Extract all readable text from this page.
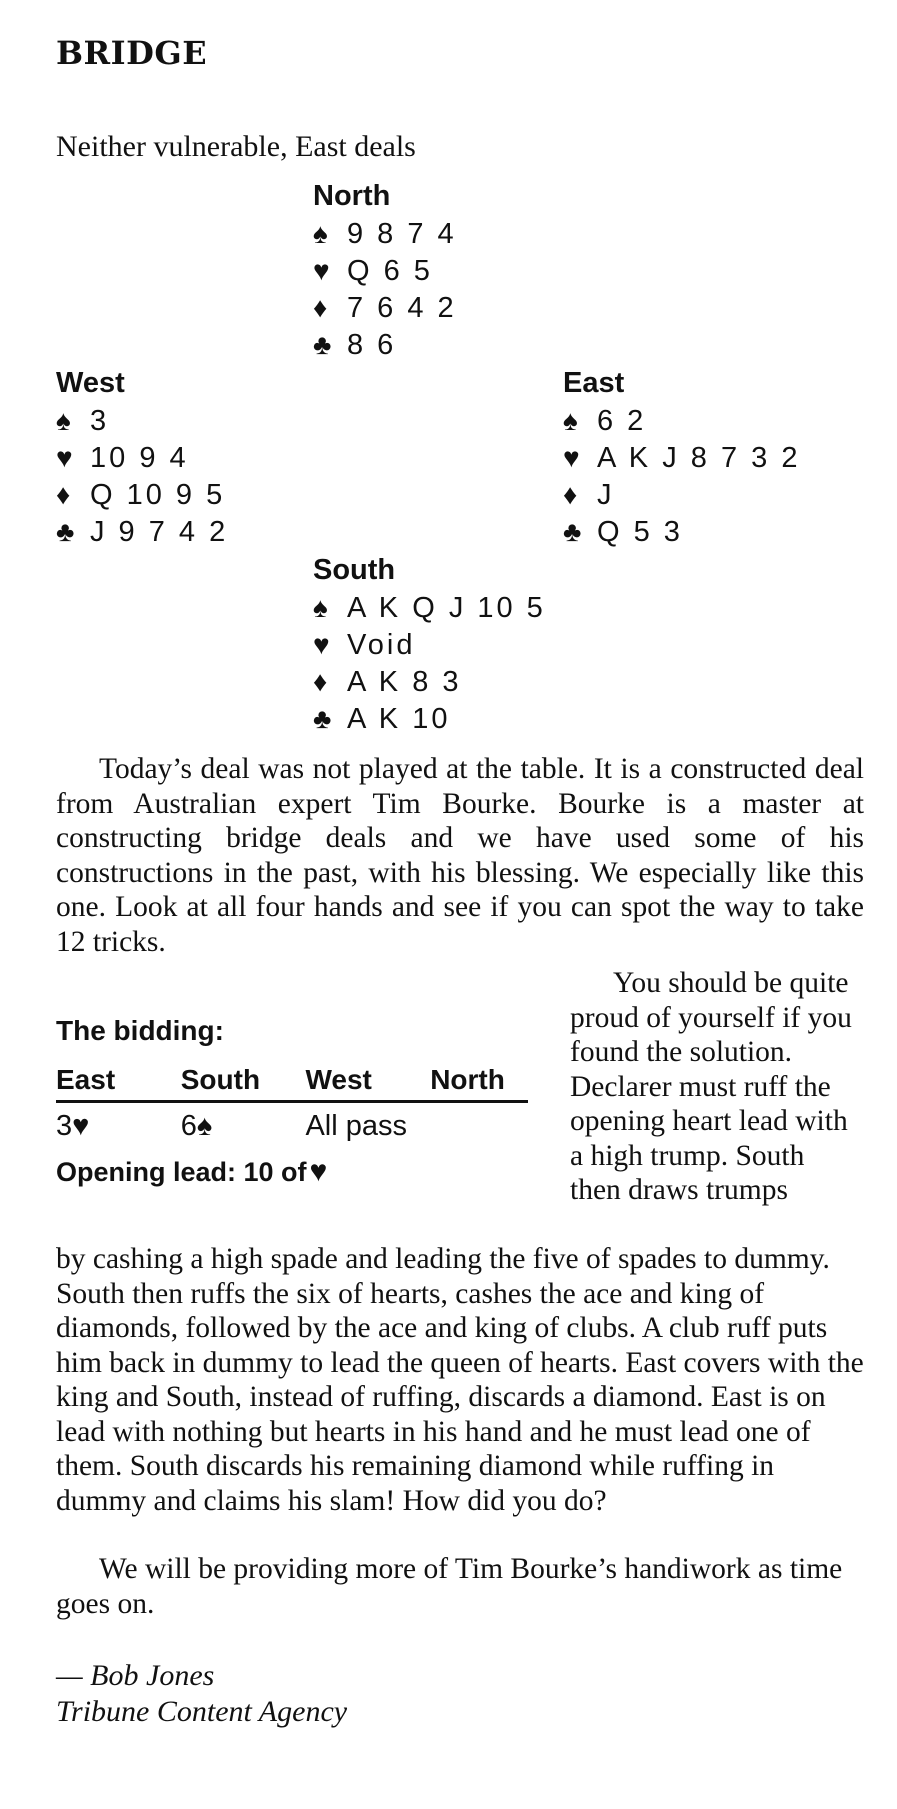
BRIDGE

Neither vulnerable, East deals

North
♠ 9 8 7 4
♥ Q 6 5
♦ 7 6 4 2
♣ 8 6
West
♠ 3
♥ 10 9 4
♦ Q 10 9 5
♣ J 9 7 4 2
East
♠ 6 2
♥ A K J 8 7 3 2
♦ J
♣ Q 5 3
South
♠ A K Q J 10 5
♥ Void
♦ A K 8 3
♣ A K 10

Today’s deal was not played at the table. It is a constructed deal from Australian expert Tim Bourke. Bourke is a master at constructing bridge deals and we have used some of his constructions in the past, with his blessing. We especially like this one. Look at all four hands and see if you can spot the way to take 12 tricks.

You should be quite proud of yourself if you found the solution. Declarer must ruff the opening heart lead with a high trump. South then draws trumps

The bidding:
East	South	West	North
3♥	6♠	All pass
Opening lead: 10 of ♥

by cashing a high spade and leading the five of spades to dummy. South then ruffs the six of hearts, cashes the ace and king of diamonds, followed by the ace and king of clubs. A club ruff puts him back in dummy to lead the queen of hearts. East covers with the king and South, instead of ruffing, discards a diamond. East is on lead with nothing but hearts in his hand and he must lead one of them. South discards his remaining diamond while ruffing in dummy and claims his slam! How did you do?

We will be providing more of Tim Bourke’s handiwork as time goes on.

— Bob Jones
Tribune Content Agency
